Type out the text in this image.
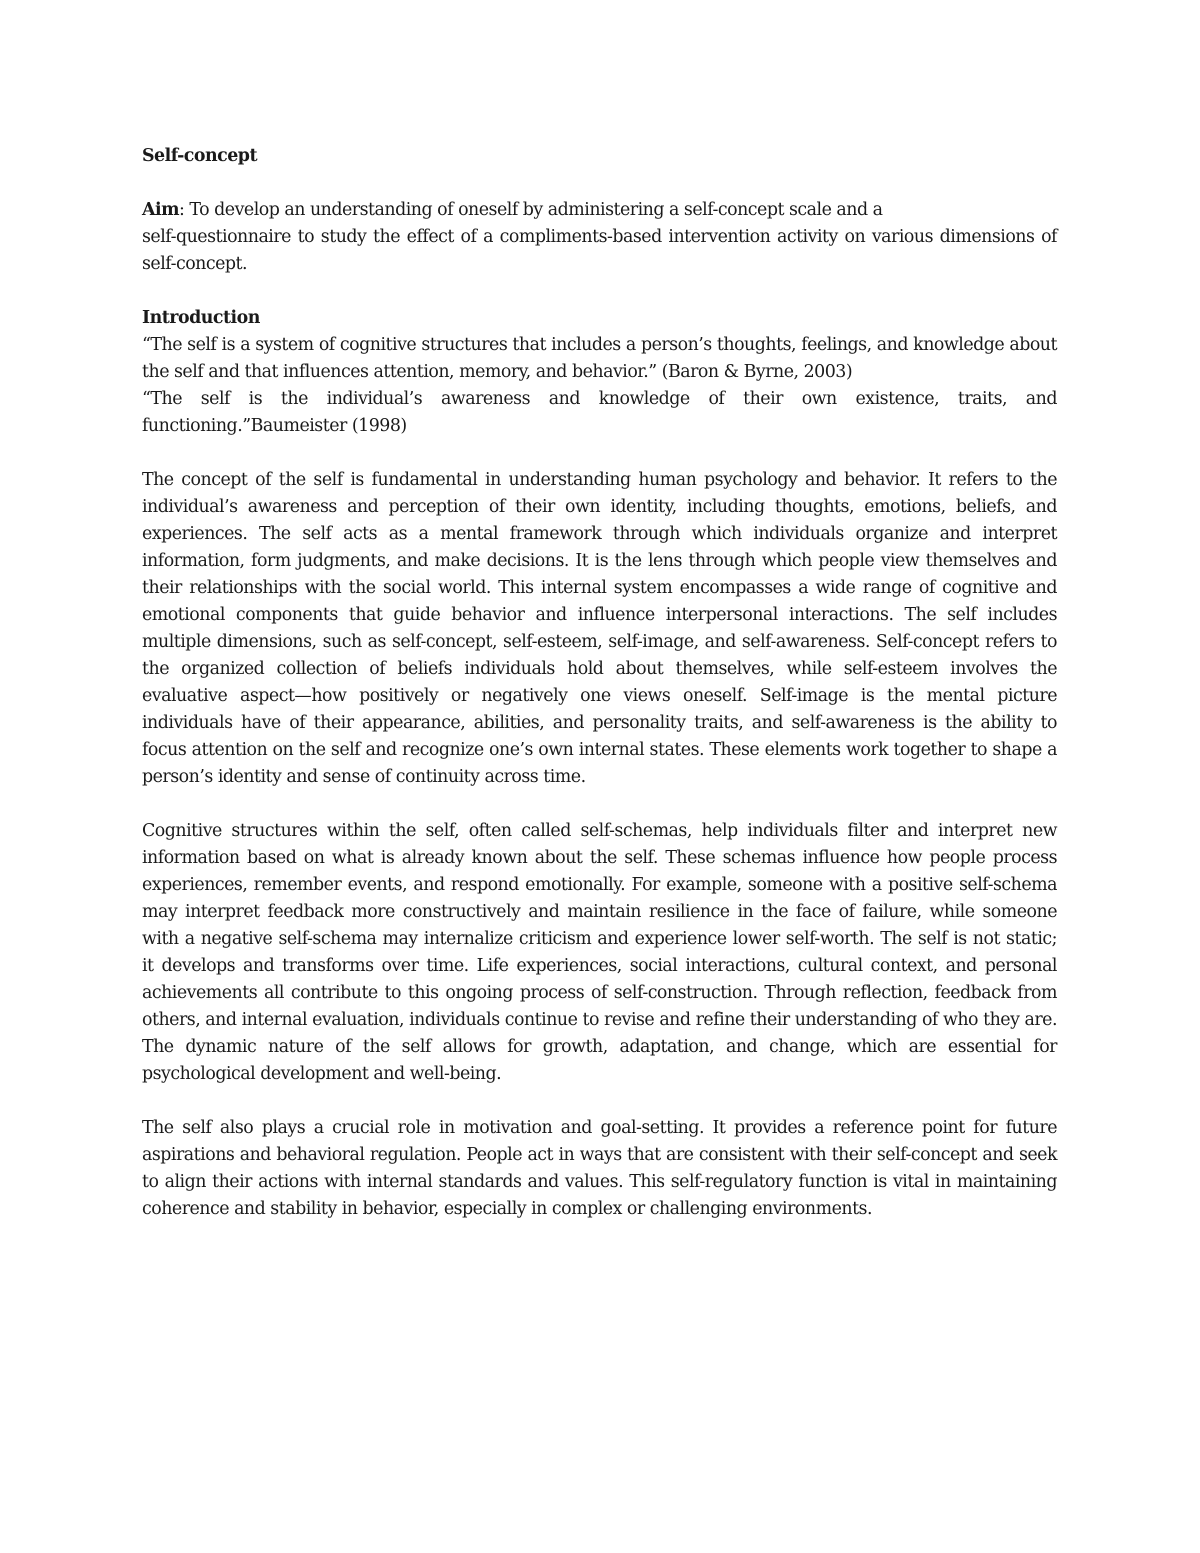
Self-concept

Aim: To develop an understanding of oneself by administering a self-concept scale and a
self-questionnaire to study the effect of a compliments-based intervention activity on various dimensions of self-concept.

Introduction

“The self is a system of cognitive structures that includes a person’s thoughts, feelings, and knowledge about the self and that influences attention, memory, and behavior.” (Baron & Byrne, 2003)

“The self is the individual’s awareness and knowledge of their own existence, traits, and functioning.”Baumeister (1998)

The concept of the self is fundamental in understanding human psychology and behavior. It refers to the individual’s awareness and perception of their own identity, including thoughts, emotions, beliefs, and experiences. The self acts as a mental framework through which individuals organize and interpret information, form judgments, and make decisions. It is the lens through which people view themselves and their relationships with the social world. This internal system encompasses a wide range of cognitive and emotional components that guide behavior and influence interpersonal interactions. The self includes multiple dimensions, such as self-concept, self-esteem, self-image, and self-awareness. Self-concept refers to the organized collection of beliefs individuals hold about themselves, while self-esteem involves the evaluative aspect—how positively or negatively one views oneself. Self-image is the mental picture individuals have of their appearance, abilities, and personality traits, and self-awareness is the ability to focus attention on the self and recognize one’s own internal states. These elements work together to shape a person’s identity and sense of continuity across time.

Cognitive structures within the self, often called self-schemas, help individuals filter and interpret new information based on what is already known about the self. These schemas influence how people process experiences, remember events, and respond emotionally. For example, someone with a positive self-schema may interpret feedback more constructively and maintain resilience in the face of failure, while someone with a negative self-schema may internalize criticism and experience lower self-worth. The self is not static; it develops and transforms over time. Life experiences, social interactions, cultural context, and personal achievements all contribute to this ongoing process of self-construction. Through reflection, feedback from others, and internal evaluation, individuals continue to revise and refine their understanding of who they are. The dynamic nature of the self allows for growth, adaptation, and change, which are essential for psychological development and well-being.

The self also plays a crucial role in motivation and goal-setting. It provides a reference point for future aspirations and behavioral regulation. People act in ways that are consistent with their self-concept and seek to align their actions with internal standards and values. This self-regulatory function is vital in maintaining coherence and stability in behavior, especially in complex or challenging environments.
